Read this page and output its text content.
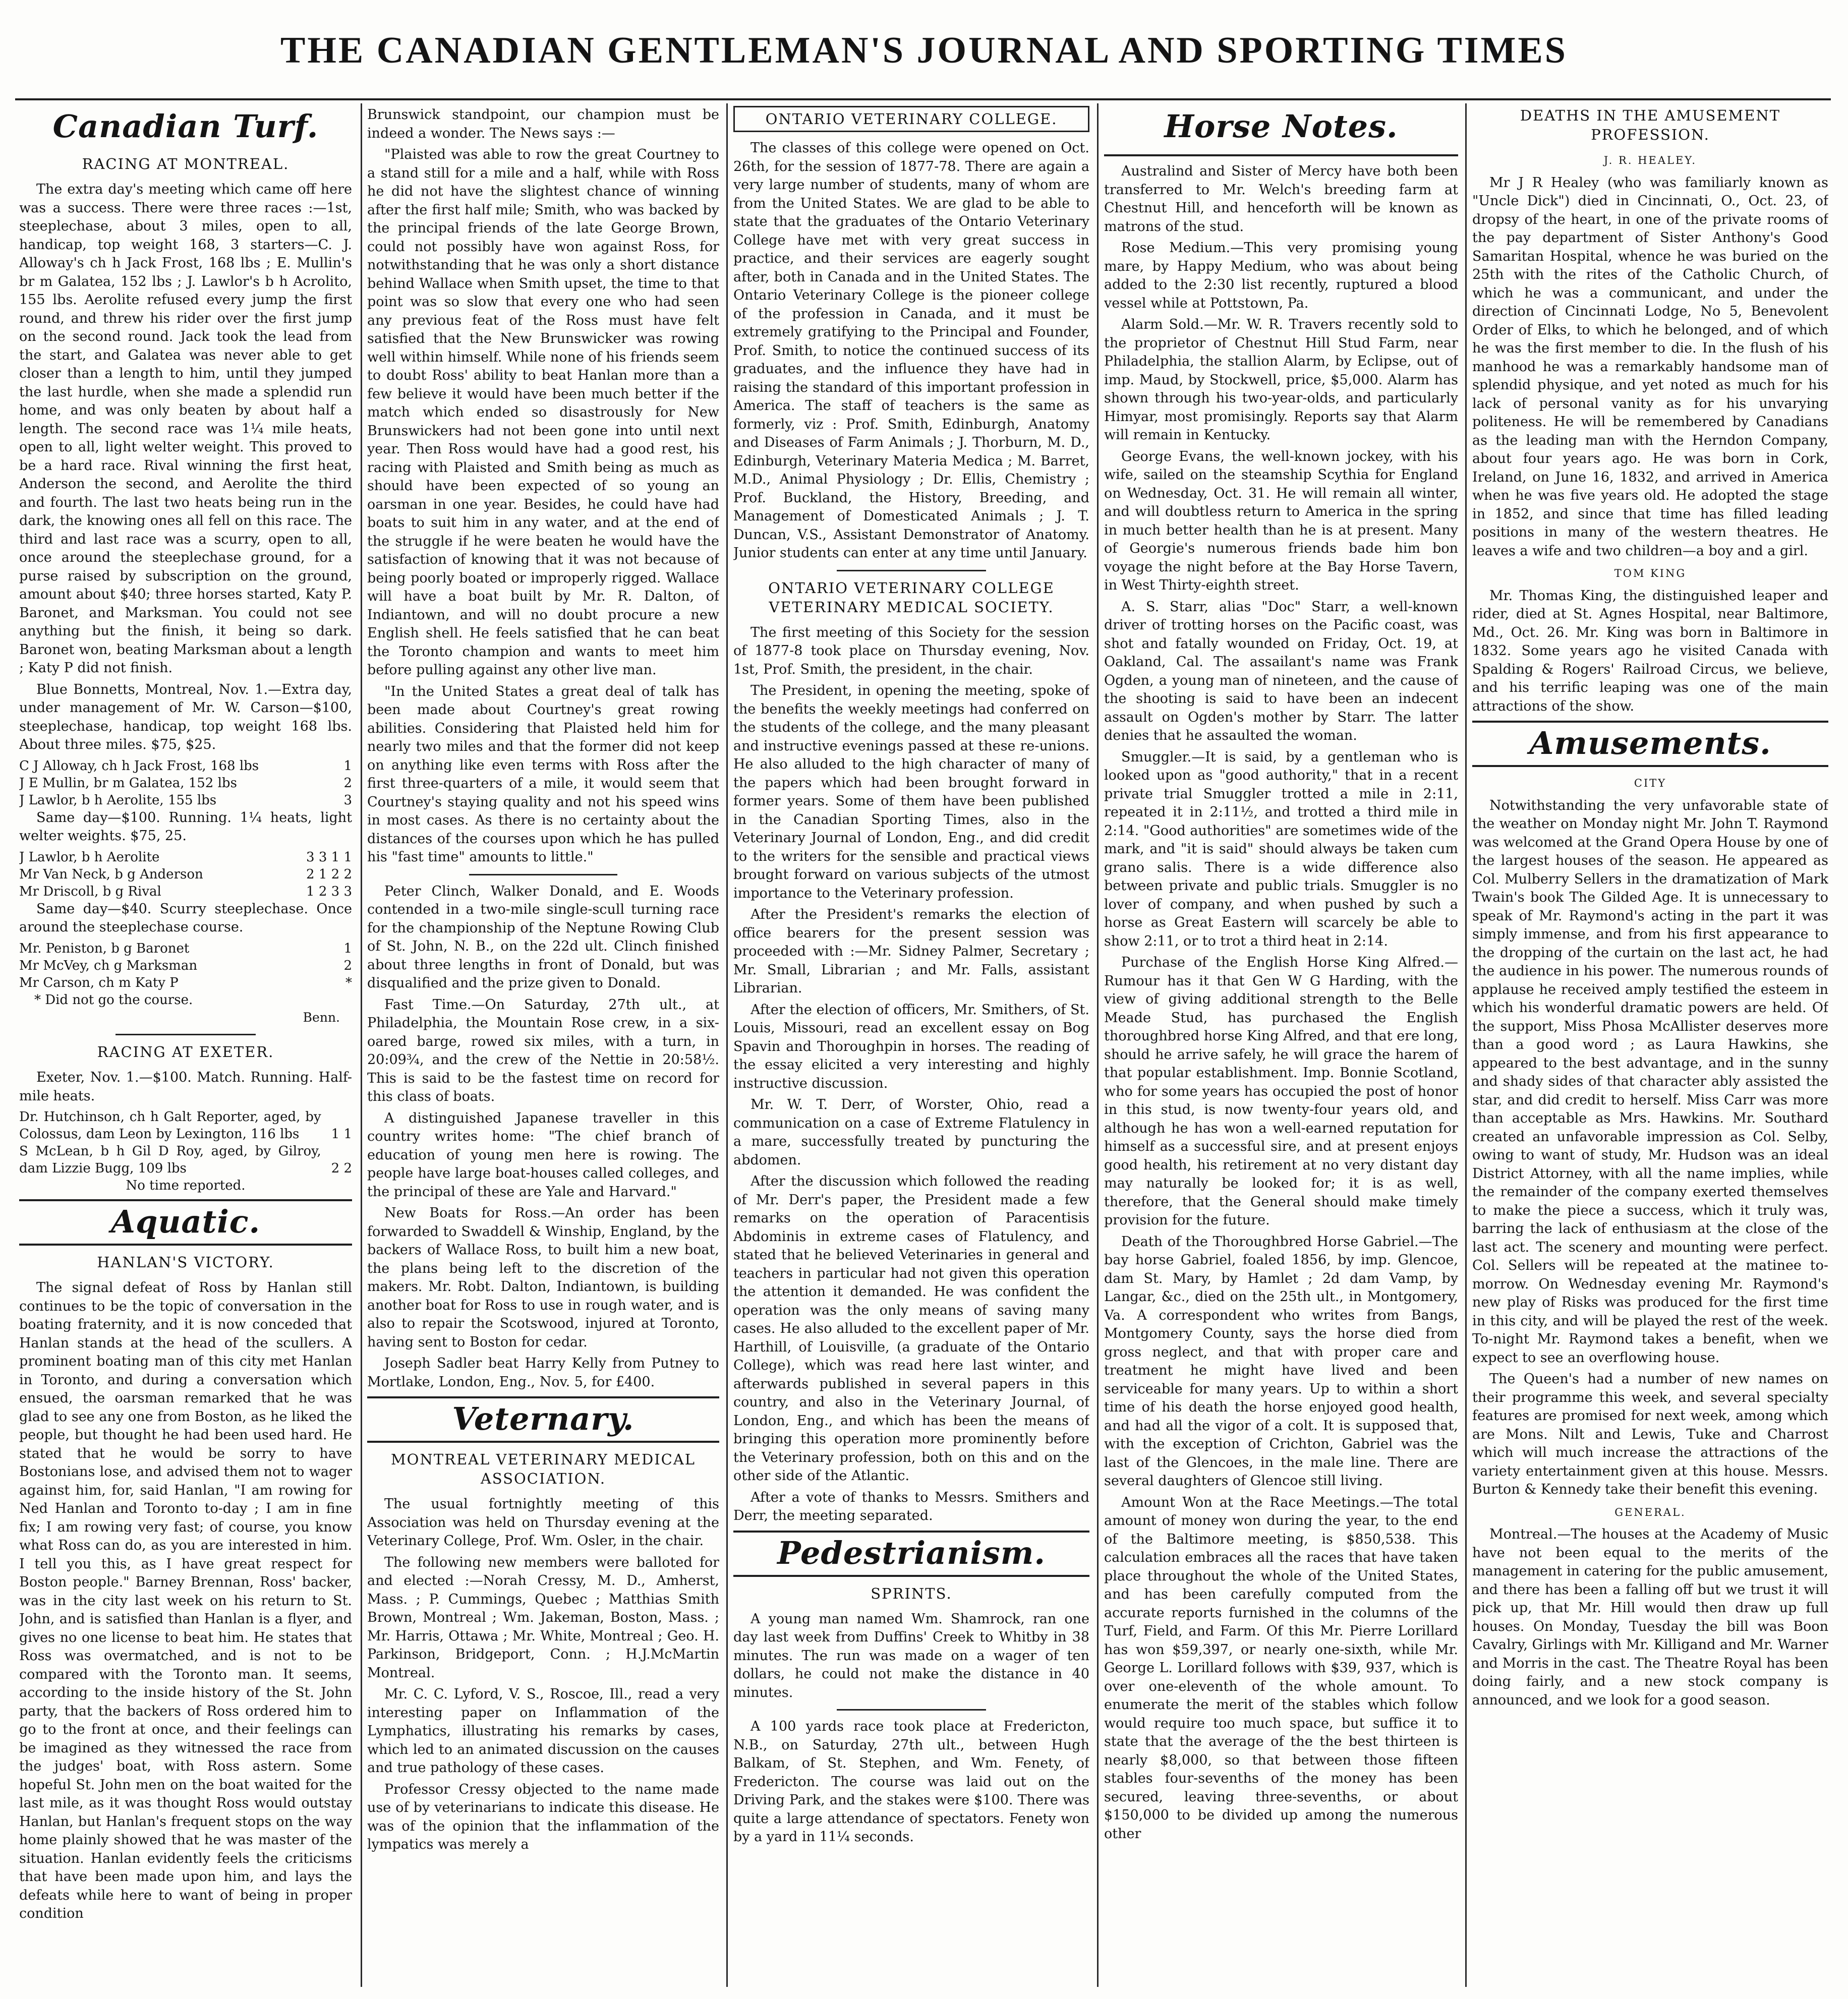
THE CANADIAN GENTLEMAN'S JOURNAL AND SPORTING TIMES
Canadian Turf.
RACING AT MONTREAL.

The extra day's meeting which came off here was a success. There were three races :—1st, steeplechase, about 3 miles, open to all, handicap, top weight 168, 3 starters—C. J. Alloway's ch h Jack Frost, 168 lbs ; E. Mullin's br m Galatea, 152 lbs ; J. Lawlor's b h Acrolito, 155 lbs. Aerolite refused every jump the first round, and threw his rider over the first jump on the second round. Jack took the lead from the start, and Galatea was never able to get closer than a length to him, until they jumped the last hurdle, when she made a splendid run home, and was only beaten by about half a length. The second race was 1¼ mile heats, open to all, light welter weight. This proved to be a hard race. Rival winning the first heat, Anderson the second, and Aerolite the third and fourth. The last two heats being run in the dark, the knowing ones all fell on this race. The third and last race was a scurry, open to all, once around the steeplechase ground, for a purse raised by subscription on the ground, amount about $40; three horses started, Katy P. Baronet, and Marksman. You could not see anything but the finish, it being so dark. Baronet won, beating Marksman about a length ; Katy P did not finish.

Blue Bonnetts, Montreal, Nov. 1.—Extra day, under management of Mr. W. Carson—$100, steeplechase, handicap, top weight 168 lbs. About three miles. $75, $25.

C J Alloway, ch h Jack Frost, 168 lbs	1
J E Mullin, br m Galatea, 152 lbs	2
J Lawlor, b h Aerolite, 155 lbs	3

Same day—$100. Running. 1¼ heats, light welter weights. $75, 25.

J Lawlor, b h Aerolite	3 3 1 1
Mr Van Neck, b g Anderson	2 1 2 2
Mr Driscoll, b g Rival	1 2 3 3

Same day—$40. Scurry steeplechase. Once around the steeplechase course.

Mr. Peniston, b g Baronet	1
Mr McVey, ch g Marksman	2
Mr Carson, ch m Katy P	*
* Did not go the course.
Benn.
RACING AT EXETER.

Exeter, Nov. 1.—$100. Match. Running. Half-mile heats.

Dr. Hutchinson, ch h Galt Reporter, aged, by Colossus, dam Leon by Lexington, 116 lbs	1 1
S McLean, b h Gil D Roy, aged, by Gilroy, dam Lizzie Bugg, 109 lbs	2 2
No time reported.
Aquatic.
HANLAN'S VICTORY.

The signal defeat of Ross by Hanlan still continues to be the topic of conversation in the boating fraternity, and it is now conceded that Hanlan stands at the head of the scullers. A prominent boating man of this city met Hanlan in Toronto, and during a conversation which ensued, the oarsman remarked that he was glad to see any one from Boston, as he liked the people, but thought he had been used hard. He stated that he would be sorry to have Bostonians lose, and advised them not to wager against him, for, said Hanlan, "I am rowing for Ned Hanlan and Toronto to-day ; I am in fine fix; I am rowing very fast; of course, you know what Ross can do, as you are interested in him. I tell you this, as I have great respect for Boston people." Barney Brennan, Ross' backer, was in the city last week on his return to St. John, and is satisfied than Hanlan is a flyer, and gives no one license to beat him. He states that Ross was overmatched, and is not to be compared with the Toronto man. It seems, according to the inside history of the St. John party, that the backers of Ross ordered him to go to the front at once, and their feelings can be imagined as they witnessed the race from the judges' boat, with Ross astern. Some hopeful St. John men on the boat waited for the last mile, as it was thought Ross would outstay Hanlan, but Hanlan's frequent stops on the way home plainly showed that he was master of the situation. Hanlan evidently feels the criticisms that have been made upon him, and lays the defeats while here to want of being in proper condition

Brunswick standpoint, our champion must be indeed a wonder. The News says :—

"Plaisted was able to row the great Courtney to a stand still for a mile and a half, while with Ross he did not have the slightest chance of winning after the first half mile; Smith, who was backed by the principal friends of the late George Brown, could not possibly have won against Ross, for notwithstanding that he was only a short distance behind Wallace when Smith upset, the time to that point was so slow that every one who had seen any previous feat of the Ross must have felt satisfied that the New Brunswicker was rowing well within himself. While none of his friends seem to doubt Ross' ability to beat Hanlan more than a few believe it would have been much better if the match which ended so disastrously for New Brunswickers had not been gone into until next year. Then Ross would have had a good rest, his racing with Plaisted and Smith being as much as should have been expected of so young an oarsman in one year. Besides, he could have had boats to suit him in any water, and at the end of the struggle if he were beaten he would have the satisfaction of knowing that it was not because of being poorly boated or improperly rigged. Wallace will have a boat built by Mr. R. Dalton, of Indiantown, and will no doubt procure a new English shell. He feels satisfied that he can beat the Toronto champion and wants to meet him before pulling against any other live man.

"In the United States a great deal of talk has been made about Courtney's great rowing abilities. Considering that Plaisted held him for nearly two miles and that the former did not keep on anything like even terms with Ross after the first three-quarters of a mile, it would seem that Courtney's staying quality and not his speed wins in most cases. As there is no certainty about the distances of the courses upon which he has pulled his "fast time" amounts to little."

Peter Clinch, Walker Donald, and E. Woods contended in a two-mile single-scull turning race for the championship of the Neptune Rowing Club of St. John, N. B., on the 22d ult. Clinch finished about three lengths in front of Donald, but was disqualified and the prize given to Donald.

Fast Time.—On Saturday, 27th ult., at Philadelphia, the Mountain Rose crew, in a six-oared barge, rowed six miles, with a turn, in 20:09¾, and the crew of the Nettie in 20:58½. This is said to be the fastest time on record for this class of boats.

A distinguished Japanese traveller in this country writes home: "The chief branch of education of young men here is rowing. The people have large boat-houses called colleges, and the principal of these are Yale and Harvard."

New Boats for Ross.—An order has been forwarded to Swaddell & Winship, England, by the backers of Wallace Ross, to built him a new boat, the plans being left to the discretion of the makers. Mr. Robt. Dalton, Indiantown, is building another boat for Ross to use in rough water, and is also to repair the Scotswood, injured at Toronto, having sent to Boston for cedar.

Joseph Sadler beat Harry Kelly from Putney to Mortlake, London, Eng., Nov. 5, for £400.

Veternary.
MONTREAL VETERINARY MEDICAL ASSOCIATION.

The usual fortnightly meeting of this Association was held on Thursday evening at the Veterinary College, Prof. Wm. Osler, in the chair.

The following new members were balloted for and elected :—Norah Cressy, M. D., Amherst, Mass. ; P. Cummings, Quebec ; Matthias Smith Brown, Montreal ; Wm. Jakeman, Boston, Mass. ; Mr. Harris, Ottawa ; Mr. White, Montreal ; Geo. H. Parkinson, Bridgeport, Conn. ; H.J.McMartin Montreal.

Mr. C. C. Lyford, V. S., Roscoe, Ill., read a very interesting paper on Inflammation of the Lymphatics, illustrating his remarks by cases, which led to an animated discussion on the causes and true pathology of these cases.

Professor Cressy objected to the name made use of by veterinarians to indicate this disease. He was of the opinion that the inflammation of the lympatics was merely a

ONTARIO VETERINARY COLLEGE.

The classes of this college were opened on Oct. 26th, for the session of 1877-78. There are again a very large number of students, many of whom are from the United States. We are glad to be able to state that the graduates of the Ontario Veterinary College have met with very great success in practice, and their services are eagerly sought after, both in Canada and in the United States. The Ontario Veterinary College is the pioneer college of the profession in Canada, and it must be extremely gratifying to the Principal and Founder, Prof. Smith, to notice the continued success of its graduates, and the influence they have had in raising the standard of this important profession in America. The staff of teachers is the same as formerly, viz : Prof. Smith, Edinburgh, Anatomy and Diseases of Farm Animals ; J. Thorburn, M. D., Edinburgh, Veterinary Materia Medica ; M. Barret, M.D., Animal Physiology ; Dr. Ellis, Chemistry ; Prof. Buckland, the History, Breeding, and Management of Domesticated Animals ; J. T. Duncan, V.S., Assistant Demonstrator of Anatomy. Junior students can enter at any time until January.

ONTARIO VETERINARY COLLEGE VETERINARY MEDICAL SOCIETY.

The first meeting of this Society for the session of 1877-8 took place on Thursday evening, Nov. 1st, Prof. Smith, the president, in the chair.

The President, in opening the meeting, spoke of the benefits the weekly meetings had conferred on the students of the college, and the many pleasant and instructive evenings passed at these re-unions. He also alluded to the high character of many of the papers which had been brought forward in former years. Some of them have been published in the Canadian Sporting Times, also in the Veterinary Journal of London, Eng., and did credit to the writers for the sensible and practical views brought forward on various subjects of the utmost importance to the Veterinary profession.

After the President's remarks the election of office bearers for the present session was proceeded with :—Mr. Sidney Palmer, Secretary ; Mr. Small, Librarian ; and Mr. Falls, assistant Librarian.

After the election of officers, Mr. Smithers, of St. Louis, Missouri, read an excellent essay on Bog Spavin and Thoroughpin in horses. The reading of the essay elicited a very interesting and highly instructive discussion.

Mr. W. T. Derr, of Worster, Ohio, read a communication on a case of Extreme Flatulency in a mare, successfully treated by puncturing the abdomen.

After the discussion which followed the reading of Mr. Derr's paper, the President made a few remarks on the operation of Paracentisis Abdominis in extreme cases of Flatulency, and stated that he believed Veterinaries in general and teachers in particular had not given this operation the attention it demanded. He was confident the operation was the only means of saving many cases. He also alluded to the excellent paper of Mr. Harthill, of Louisville, (a graduate of the Ontario College), which was read here last winter, and afterwards published in several papers in this country, and also in the Veterinary Journal, of London, Eng., and which has been the means of bringing this operation more prominently before the Veterinary profession, both on this and on the other side of the Atlantic.

After a vote of thanks to Messrs. Smithers and Derr, the meeting separated.

Pedestrianism.
SPRINTS.

A young man named Wm. Shamrock, ran one day last week from Duffins' Creek to Whitby in 38 minutes. The run was made on a wager of ten dollars, he could not make the distance in 40 minutes.

A 100 yards race took place at Fredericton, N.B., on Saturday, 27th ult., between Hugh Balkam, of St. Stephen, and Wm. Fenety, of Fredericton. The course was laid out on the Driving Park, and the stakes were $100. There was quite a large attendance of spectators. Fenety won by a yard in 11¼ seconds.

Horse Notes.

Australind and Sister of Mercy have both been transferred to Mr. Welch's breeding farm at Chestnut Hill, and henceforth will be known as matrons of the stud.

Rose Medium.—This very promising young mare, by Happy Medium, who was about being added to the 2:30 list recently, ruptured a blood vessel while at Pottstown, Pa.

Alarm Sold.—Mr. W. R. Travers recently sold to the proprietor of Chestnut Hill Stud Farm, near Philadelphia, the stallion Alarm, by Eclipse, out of imp. Maud, by Stockwell, price, $5,000. Alarm has shown through his two-year-olds, and particularly Himyar, most promisingly. Reports say that Alarm will remain in Kentucky.

George Evans, the well-known jockey, with his wife, sailed on the steamship Scythia for England on Wednesday, Oct. 31. He will remain all winter, and will doubtless return to America in the spring in much better health than he is at present. Many of Georgie's numerous friends bade him bon voyage the night before at the Bay Horse Tavern, in West Thirty-eighth street.

A. S. Starr, alias "Doc" Starr, a well-known driver of trotting horses on the Pacific coast, was shot and fatally wounded on Friday, Oct. 19, at Oakland, Cal. The assailant's name was Frank Ogden, a young man of nineteen, and the cause of the shooting is said to have been an indecent assault on Ogden's mother by Starr. The latter denies that he assaulted the woman.

Smuggler.—It is said, by a gentleman who is looked upon as "good authority," that in a recent private trial Smuggler trotted a mile in 2:11, repeated it in 2:11½, and trotted a third mile in 2:14. "Good authorities" are sometimes wide of the mark, and "it is said" should always be taken cum grano salis. There is a wide difference also between private and public trials. Smuggler is no lover of company, and when pushed by such a horse as Great Eastern will scarcely be able to show 2:11, or to trot a third heat in 2:14.

Purchase of the English Horse King Alfred.—Rumour has it that Gen W G Harding, with the view of giving additional strength to the Belle Meade Stud, has purchased the English thoroughbred horse King Alfred, and that ere long, should he arrive safely, he will grace the harem of that popular establishment. Imp. Bonnie Scotland, who for some years has occupied the post of honor in this stud, is now twenty-four years old, and although he has won a well-earned reputation for himself as a successful sire, and at present enjoys good health, his retirement at no very distant day may naturally be looked for; it is as well, therefore, that the General should make timely provision for the future.

Death of the Thoroughbred Horse Gabriel.—The bay horse Gabriel, foaled 1856, by imp. Glencoe, dam St. Mary, by Hamlet ; 2d dam Vamp, by Langar, &c., died on the 25th ult., in Montgomery, Va. A correspondent who writes from Bangs, Montgomery County, says the horse died from gross neglect, and that with proper care and treatment he might have lived and been serviceable for many years. Up to within a short time of his death the horse enjoyed good health, and had all the vigor of a colt. It is supposed that, with the exception of Crichton, Gabriel was the last of the Glencoes, in the male line. There are several daughters of Glencoe still living.

Amount Won at the Race Meetings.—The total amount of money won during the year, to the end of the Baltimore meeting, is $850,538. This calculation embraces all the races that have taken place throughout the whole of the United States, and has been carefully computed from the accurate reports furnished in the columns of the Turf, Field, and Farm. Of this Mr. Pierre Lorillard has won $59,397, or nearly one-sixth, while Mr. George L. Lorillard follows with $39, 937, which is over one-eleventh of the whole amount. To enumerate the merit of the stables which follow would require too much space, but suffice it to state that the average of the the best thirteen is nearly $8,000, so that between those fifteen stables four-sevenths of the money has been secured, leaving three-sevenths, or about $150,000 to be divided up among the numerous other

DEATHS IN THE AMUSEMENT PROFESSION.
J. R. HEALEY.

Mr J R Healey (who was familiarly known as "Uncle Dick") died in Cincinnati, O., Oct. 23, of dropsy of the heart, in one of the private rooms of the pay department of Sister Anthony's Good Samaritan Hospital, whence he was buried on the 25th with the rites of the Catholic Church, of which he was a communicant, and under the direction of Cincinnati Lodge, No 5, Benevolent Order of Elks, to which he belonged, and of which he was the first member to die. In the flush of his manhood he was a remarkably handsome man of splendid physique, and yet noted as much for his lack of personal vanity as for his unvarying politeness. He will be remembered by Canadians as the leading man with the Herndon Company, about four years ago. He was born in Cork, Ireland, on June 16, 1832, and arrived in America when he was five years old. He adopted the stage in 1852, and since that time has filled leading positions in many of the western theatres. He leaves a wife and two children—a boy and a girl.

TOM KING

Mr. Thomas King, the distinguished leaper and rider, died at St. Agnes Hospital, near Baltimore, Md., Oct. 26. Mr. King was born in Baltimore in 1832. Some years ago he visited Canada with Spalding & Rogers' Railroad Circus, we believe, and his terrific leaping was one of the main attractions of the show.

Amusements.
CITY

Notwithstanding the very unfavorable state of the weather on Monday night Mr. John T. Raymond was welcomed at the Grand Opera House by one of the largest houses of the season. He appeared as Col. Mulberry Sellers in the dramatization of Mark Twain's book The Gilded Age. It is unnecessary to speak of Mr. Raymond's acting in the part it was simply immense, and from his first appearance to the dropping of the curtain on the last act, he had the audience in his power. The numerous rounds of applause he received amply testified the esteem in which his wonderful dramatic powers are held. Of the support, Miss Phosa McAllister deserves more than a good word ; as Laura Hawkins, she appeared to the best advantage, and in the sunny and shady sides of that character ably assisted the star, and did credit to herself. Miss Carr was more than acceptable as Mrs. Hawkins. Mr. Southard created an unfavorable impression as Col. Selby, owing to want of study, Mr. Hudson was an ideal District Attorney, with all the name implies, while the remainder of the company exerted themselves to make the piece a success, which it truly was, barring the lack of enthusiasm at the close of the last act. The scenery and mounting were perfect. Col. Sellers will be repeated at the matinee to-morrow. On Wednesday evening Mr. Raymond's new play of Risks was produced for the first time in this city, and will be played the rest of the week. To-night Mr. Raymond takes a benefit, when we expect to see an overflowing house.

The Queen's had a number of new names on their programme this week, and several specialty features are promised for next week, among which are Mons. Nilt and Lewis, Tuke and Charrost which will much increase the attractions of the variety entertainment given at this house. Messrs. Burton & Kennedy take their benefit this evening.

GENERAL.

Montreal.—The houses at the Academy of Music have not been equal to the merits of the management in catering for the public amusement, and there has been a falling off but we trust it will pick up, that Mr. Hill would then draw up full houses. On Monday, Tuesday the bill was Boon Cavalry, Girlings with Mr. Killigand and Mr. Warner and Morris in the cast. The Theatre Royal has been doing fairly, and a new stock company is announced, and we look for a good season.
